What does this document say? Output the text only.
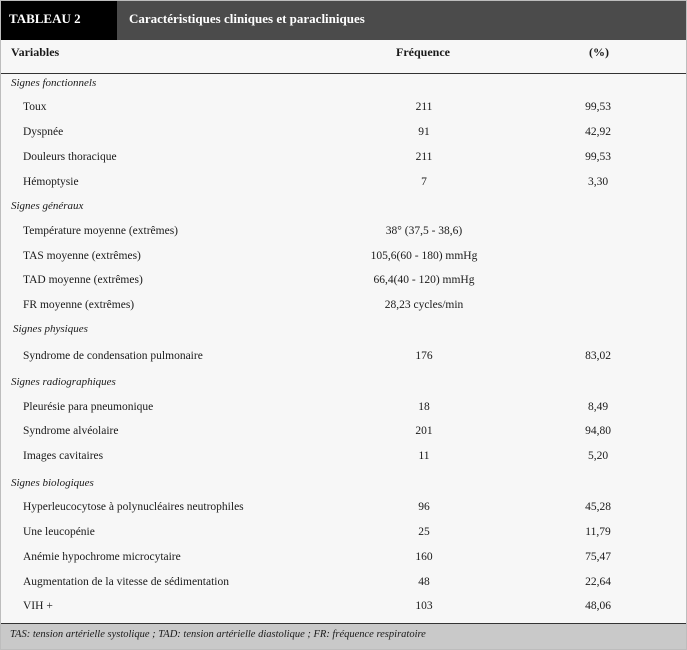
TABLEAU 2	Caractéristiques cliniques et paracliniques
Variables	Fréquence	(%)
Signes fonctionnels
Toux	211	99,53
Dyspnée	91	42,92
Douleurs thoracique	211	99,53
Hémoptysie	7	3,30
Signes généraux
Température moyenne (extrêmes)	38° (37,5 - 38,6)
TAS moyenne (extrêmes)	105,6(60 - 180) mmHg
TAD moyenne (extrêmes)	66,4(40 - 120) mmHg
FR moyenne (extrêmes)	28,23 cycles/min
Signes physiques
Syndrome de condensation pulmonaire	176	83,02
Signes radiographiques
Pleurésie para pneumonique	18	8,49
Syndrome alvéolaire	201	94,80
Images cavitaires	11	5,20
Signes biologiques
Hyperleucocytose à polynucléaires neutrophiles	96	45,28
Une leucopénie	25	11,79
Anémie hypochrome microcytaire	160	75,47
Augmentation de la vitesse de sédimentation	48	22,64
VIH +	103	48,06
TAS: tension artérielle systolique ; TAD: tension artérielle diastolique ; FR: fréquence respiratoire
